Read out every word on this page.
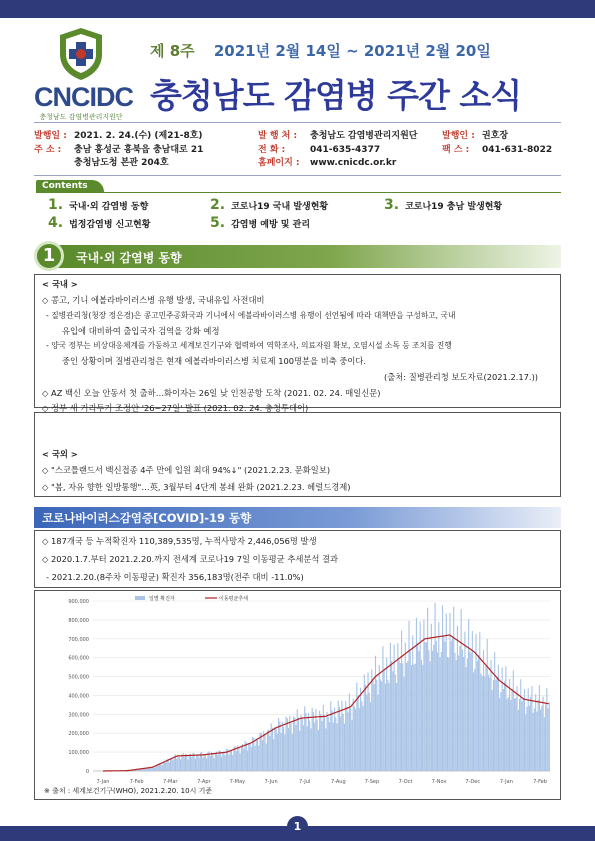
CNCIDC
충청남도 감염병관리지원단
제 8주 2021년 2월 14일 ~ 2021년 2월 20일
충청남도 감염병 주간 소식
발행일 : 2021. 2. 24.(수) (제21-8호)
주 소 : 충남 홍성군 홍북읍 충남대로 21
충청남도청 본관 204호
발 행 처 : 충청남도 감염병관리지원단
전 화 :	041-635-4377
홈페이지 : www.cnicdc.or.kr
발행인 : 권호장
팩 스 : 041-631-8022
Contents
1. 국내·외 감염병 동향	2. 코로나19 국내 발생현황	3. 코로나19 충남 발생현황
4. 법정감염병 신고현황	5. 감염병 예방 및 관리
1	국내·외 감염병 동향
< 국내 >
◇ 콩고, 기니 에볼라바이러스병 유행 발생, 국내유입 사전대비
- 질병관리청(청장 정은경)은 콩고민주공화국과 기니에서 에볼라바이러스병 유행이 선언됨에 따라 대책반을 구성하고, 국내
유입에 대비하여 출입국자 검역을 강화 예정
- 양국 정부는 비상대응체계를 가동하고 세계보건기구와 협력하여 역학조사, 의료자원 확보, 오염시설 소독 등 조치를 진행
중인 상황이며 질병관리청은 현재 에볼라바이러스병 치료제 100명분을 비축 중이다.
(출처: 질병관리청 보도자료(2021.2.17.))
◇ AZ 백신 오늘 안동서 첫 출하…화이자는 26일 낮 인천공항 도착 (2021. 02. 24. 매일신문)
◇ 정부 새 거리두기 조정안 '26~27일' 발표 (2021. 02. 24. 충청투데이)
< 국외 >
◇ "스코틀랜드서 백신접종 4주 만에 입원 최대 94%↓" (2021.2.23. 문화일보)
◇ "봄, 자유 향한 일방통행"…英, 3월부터 4단계 봉쇄 완화 (2021.2.23. 헤럴드경제)
코로나바이러스감염증[COVID]-19 동향
◇ 187개국 등 누적확진자 110,389,535명, 누적사망자 2,446,056명 발생
◇ 2020.1.7.부터 2021.2.20.까지 전세계 코로나19 7일 이동평균 추세분석 결과
- 2021.2.20.(8주차 이동평균) 확진자 356,183명(전주 대비 -11.0%)
0
100,000
200,000
300,000
400,000
500,000
600,000
700,000
800,000
900,000
7-Jan	7-Feb	7-Mar	7-Apr	7-May	7-Jun	7-Jul	7-Aug	7-Sep	7-Oct	7-Nov	7-Dec	7-Jan	7-Feb
일별 확진자	이동평균추세
※ 출처 : 세계보건기구(WHO), 2021.2.20. 10시 기준
1
